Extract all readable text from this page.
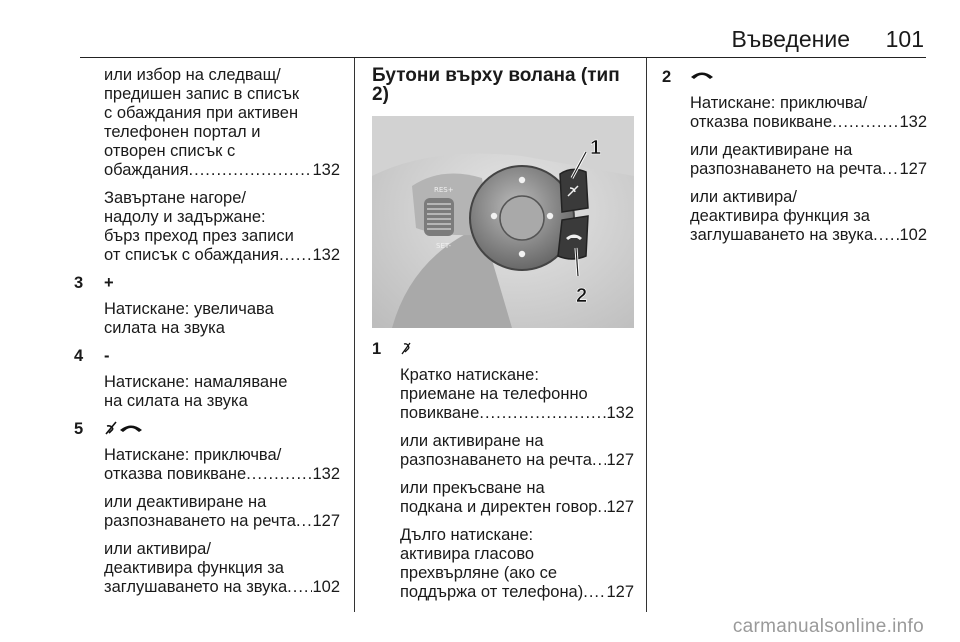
Въведение 101

или избор на следващ/
предишен запис в списък
с обаждания при активен
телефонен портал и
отворен списък с
обаждания .....	132

Завъртане нагоре/
надолу и задържане:
бърз преход през записи
от списък с обаждания ..... 132

3 +

Натискане: увеличава
силата на звука

4 -

Натискане: намаляване
на силата на звука

5

Натискане: приключва/
отказва повикване .....	132

или деактивиране на
разпознаването на речта ..... 127

или активира/
деактивира функция за
заглушаването на звука ..... 102

Бутони върху волана (тип 2)
RES+
SET-
1
2
1

Кратко натискане:
приемане на телефонно
повикване .....	132

или активиране на
разпознаването на речта ..... 127

или прекъсване на
подкана и директен говор ..... 127

Дълго натискане:
активира гласово
прехвърляне (ако се
поддържа от телефона) ..... 127

2

Натискане: приключва/
отказва повикване .....	132

или деактивиране на
разпознаването на речта ..... 127

или активира/
деактивира функция за
заглушаването на звука ..... 102

carmanualsonline.info
